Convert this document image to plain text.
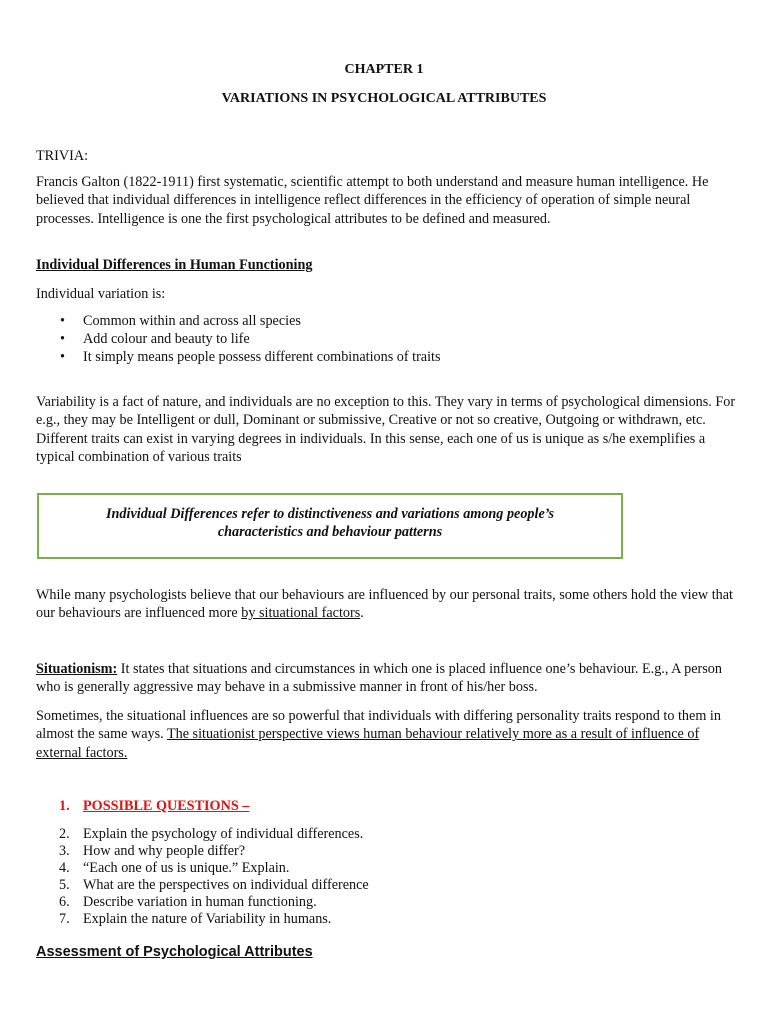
CHAPTER 1
VARIATIONS IN PSYCHOLOGICAL ATTRIBUTES
TRIVIA:

Francis Galton (1822-1911) first systematic, scientific attempt to both understand and measure human intelligence. He believed that individual differences in intelligence reflect differences in the efficiency of operation of simple neural processes. Intelligence is one the first psychological attributes to be defined and measured.

Individual Differences in Human Functioning
Individual variation is:
• Common within and across all species
• Add colour and beauty to life
• It simply means people possess different combinations of traits

Variability is a fact of nature, and individuals are no exception to this. They vary in terms of psychological dimensions. For e.g., they may be Intelligent or dull, Dominant or submissive, Creative or not so creative, Outgoing or withdrawn, etc. Different traits can exist in varying degrees in individuals. In this sense, each one of us is unique as s/he exemplifies a typical combination of various traits

Individual Differences refer to distinctiveness and variations among people’s
characteristics and behaviour patterns

While many psychologists believe that our behaviours are influenced by our personal traits, some others hold the view that our behaviours are influenced more by situational factors.

Situationism: It states that situations and circumstances in which one is placed influence one’s behaviour. E.g., A person who is generally aggressive may behave in a submissive manner in front of his/her boss.

Sometimes, the situational influences are so powerful that individuals with differing personality traits respond to them in almost the same ways. The situationist perspective views human behaviour relatively more as a result of influence of external factors.

1. POSSIBLE QUESTIONS –
2. Explain the psychology of individual differences.
3. How and why people differ?
4. “Each one of us is unique.” Explain.
5. What are the perspectives on individual difference
6. Describe variation in human functioning.
7. Explain the nature of Variability in humans.
Assessment of Psychological Attributes
